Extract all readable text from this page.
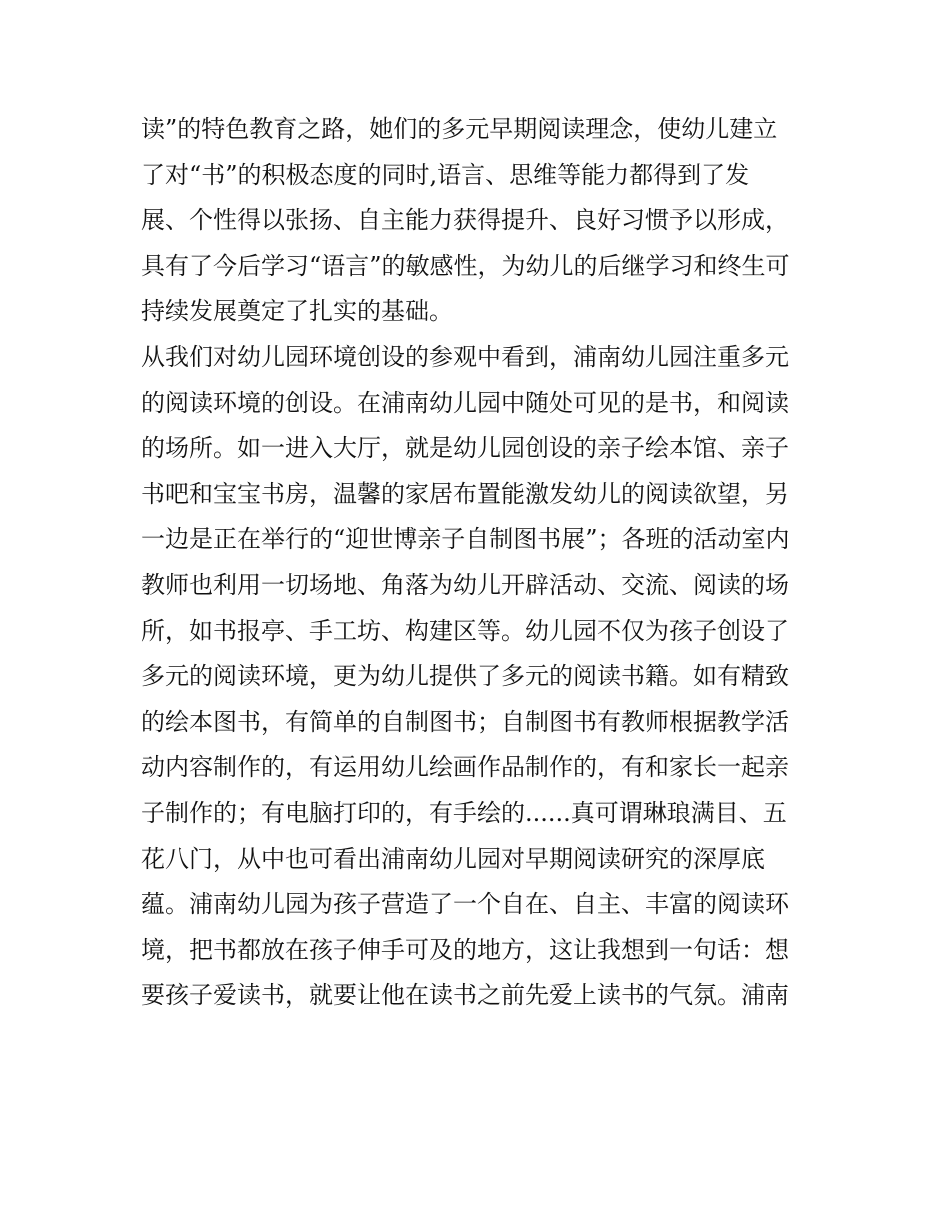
读”的特色教育之路，她们的多元早期阅读理念，使幼儿建立
了对“书”的积极态度的同时,语言、思维等能力都得到了发
展、个性得以张扬、自主能力获得提升、良好习惯予以形成，
具有了今后学习“语言”的敏感性，为幼儿的后继学习和终生可
持续发展奠定了扎实的基础。
从我们对幼儿园环境创设的参观中看到，浦南幼儿园注重多元
的阅读环境的创设。在浦南幼儿园中随处可见的是书，和阅读
的场所。如一进入大厅，就是幼儿园创设的亲子绘本馆、亲子
书吧和宝宝书房，温馨的家居布置能激发幼儿的阅读欲望，另
一边是正在举行的“迎世博亲子自制图书展”；各班的活动室内
教师也利用一切场地、角落为幼儿开辟活动、交流、阅读的场
所，如书报亭、手工坊、构建区等。幼儿园不仅为孩子创设了
多元的阅读环境，更为幼儿提供了多元的阅读书籍。如有精致
的绘本图书，有简单的自制图书；自制图书有教师根据教学活
动内容制作的，有运用幼儿绘画作品制作的，有和家长一起亲
子制作的；有电脑打印的，有手绘的......真可谓琳琅满目、五
花八门，从中也可看出浦南幼儿园对早期阅读研究的深厚底
蕴。浦南幼儿园为孩子营造了一个自在、自主、丰富的阅读环
境，把书都放在孩子伸手可及的地方，这让我想到一句话：想
要孩子爱读书，就要让他在读书之前先爱上读书的气氛。浦南
